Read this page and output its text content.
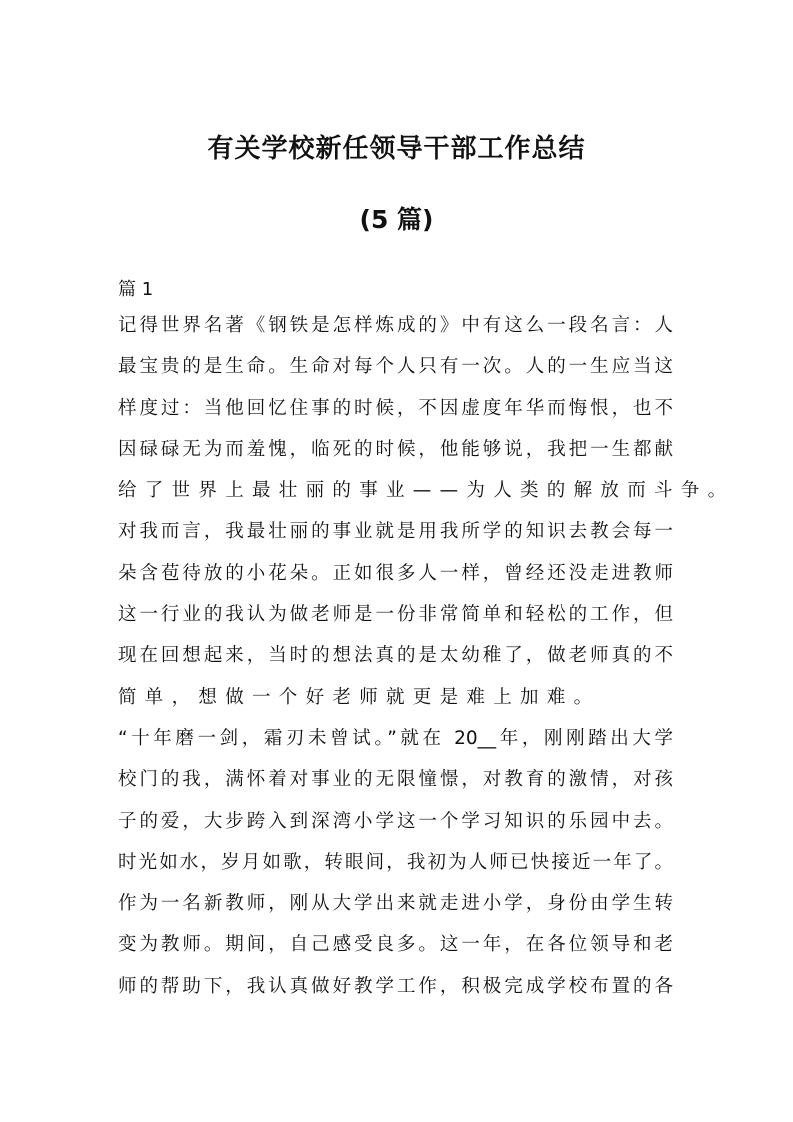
有关学校新任领导干部工作总结
(5 篇)
篇 1
记得世界名著《钢铁是怎样炼成的》中有这么一段名言：人
最宝贵的是生命。生命对每个人只有一次。人的一生应当这
样度过：当他回忆住事的时候，不因虚度年华而悔恨，也不
因碌碌无为而羞愧，临死的时候，他能够说，我把一生都献
给了世界上最壮丽的事业——为人类的解放而斗争。
对我而言，我最壮丽的事业就是用我所学的知识去教会每一
朵含苞待放的小花朵。正如很多人一样，曾经还没走进教师
这一行业的我认为做老师是一份非常简单和轻松的工作，但
现在回想起来，当时的想法真的是太幼稚了，做老师真的不
简单，想做一个好老师就更是难上加难。
“十年磨一剑，霜刃未曾试。”就在 20__年，刚刚踏出大学
校门的我，满怀着对事业的无限憧憬，对教育的激情，对孩
子的爱，大步跨入到深湾小学这一个学习知识的乐园中去。
时光如水，岁月如歌，转眼间，我初为人师已快接近一年了。
作为一名新教师，刚从大学出来就走进小学，身份由学生转
变为教师。期间，自己感受良多。这一年，在各位领导和老
师的帮助下，我认真做好教学工作，积极完成学校布置的各
